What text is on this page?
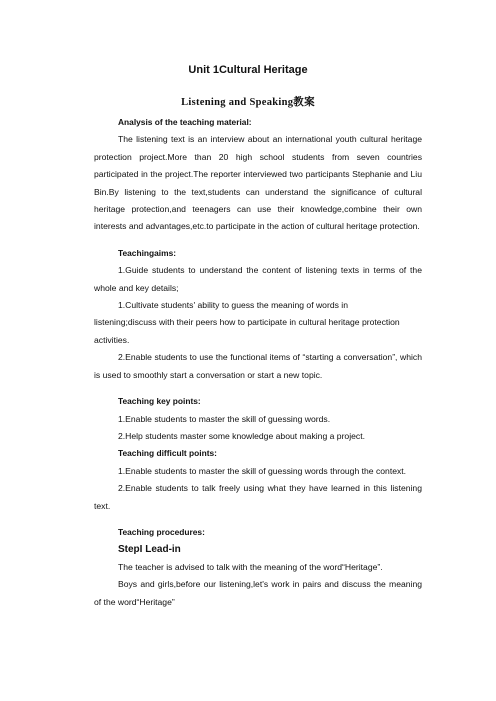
Unit 1Cultural Heritage

Listening and Speaking教案

Analysis of the teaching material:

The listening text is an interview about an international youth cultural heritage protection project.More than 20 high school students from seven countries participated in the project.The reporter interviewed two participants Stephanie and Liu Bin.By listening to the text,students can understand the significance of cultural heritage protection,and teenagers can use their knowledge,combine their own interests and advantages,etc.to participate in the action of cultural heritage protection.

Teachingaims:

1.Guide students to understand the content of listening texts in terms of the whole and key details;

1.Cultivate students' ability to guess the meaning of words in

listening;discuss with their peers how to participate in cultural heritage protection activities.

2.Enable students to use the functional items of “starting a conversation”, which is used to smoothly start a conversation or start a new topic.

Teaching key points:

1.Enable students to master the skill of guessing words.

2.Help students master some knowledge about making a project.

Teaching difficult points:

1.Enable students to master the skill of guessing words through the context.

2.Enable students to talk freely using what they have learned in this listening text.

Teaching procedures:

StepI Lead-in

The teacher is advised to talk with the meaning of the word“Heritage”.

Boys and girls,before our listening,let's work in pairs and discuss the meaning of the word“Heritage”
